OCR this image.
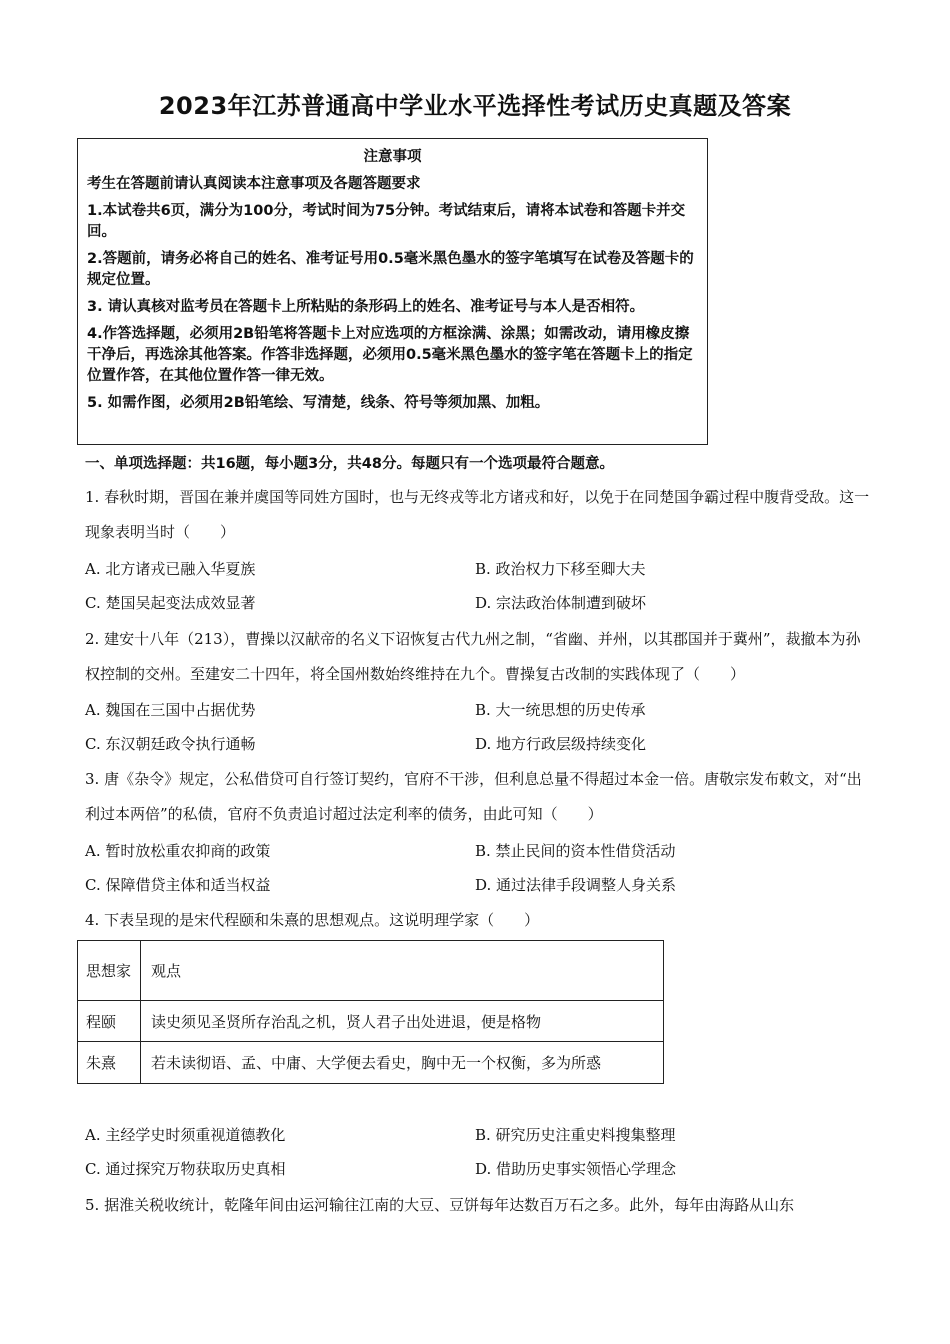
2023年江苏普通高中学业水平选择性考试历史真题及答案
注意事项
考生在答题前请认真阅读本注意事项及各题答题要求
1.本试卷共6页，满分为100分，考试时间为75分钟。考试结束后，请将本试卷和答题卡并交回。
2.答题前，请务必将自己的姓名、准考证号用0.5毫米黑色墨水的签字笔填写在试卷及答题卡的规定位置。
3. 请认真核对监考员在答题卡上所粘贴的条形码上的姓名、准考证号与本人是否相符。
4.作答选择题，必须用2B铅笔将答题卡上对应选项的方框涂满、涂黑；如需改动，请用橡皮擦干净后，再选涂其他答案。作答非选择题，必须用0.5毫米黑色墨水的签字笔在答题卡上的指定位置作答，在其他位置作答一律无效。
5. 如需作图，必须用2B铅笔绘、写清楚，线条、符号等须加黑、加粗。
一、单项选择题：共16题，每小题3分，共48分。每题只有一个选项最符合题意。
1. 春秋时期，晋国在兼并虞国等同姓方国时，也与无终戎等北方诸戎和好，以免于在同楚国争霸过程中腹背受敌。这一现象表明当时（　　）
A. 北方诸戎已融入华夏族	B. 政治权力下移至卿大夫
C. 楚国吴起变法成效显著	D. 宗法政治体制遭到破坏
2. 建安十八年（213），曹操以汉献帝的名义下诏恢复古代九州之制，“省幽、并州，以其郡国并于冀州”，裁撤本为孙权控制的交州。至建安二十四年，将全国州数始终维持在九个。曹操复古改制的实践体现了（　　）
A. 魏国在三国中占据优势	B. 大一统思想的历史传承
C. 东汉朝廷政令执行通畅	D. 地方行政层级持续变化
3. 唐《杂令》规定，公私借贷可自行签订契约，官府不干涉，但利息总量不得超过本金一倍。唐敬宗发布敕文，对“出利过本两倍”的私债，官府不负责追讨超过法定利率的债务，由此可知（　　）
A. 暂时放松重农抑商的政策	B. 禁止民间的资本性借贷活动
C. 保障借贷主体和适当权益	D. 通过法律手段调整人身关系
4. 下表呈现的是宋代程颐和朱熹的思想观点。这说明理学家（　　）
思想家	观点
程颐	读史须见圣贤所存治乱之机，贤人君子出处进退，便是格物
朱熹	若未读彻语、孟、中庸、大学便去看史，胸中无一个权衡，多为所惑
A. 主经学史时须重视道德教化	B. 研究历史注重史料搜集整理
C. 通过探究万物获取历史真相	D. 借助历史事实领悟心学理念
5. 据淮关税收统计，乾隆年间由运河输往江南的大豆、豆饼每年达数百万石之多。此外，每年由海路从山东
